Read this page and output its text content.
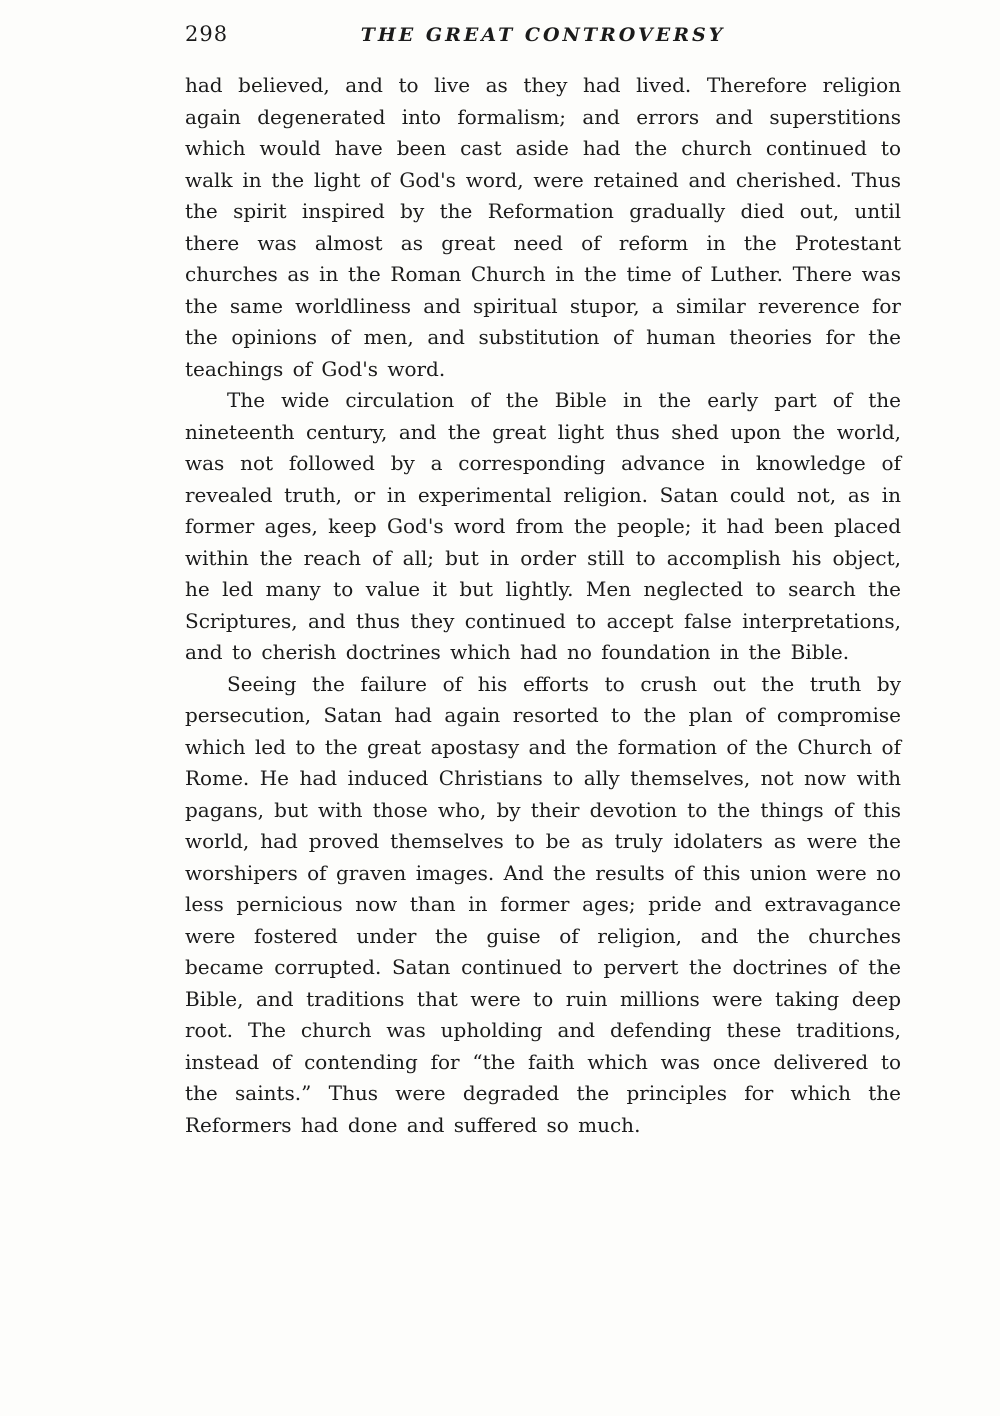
298	THE GREAT CONTROVERSY

had believed, and to live as they had lived. Therefore religion again degenerated into formalism; and errors and superstitions which would have been cast aside had the church continued to walk in the light of God's word, were retained and cherished. Thus the spirit inspired by the Reformation gradually died out, until there was almost as great need of reform in the Protestant churches as in the Roman Church in the time of Luther. There was the same worldliness and spiritual stupor, a similar reverence for the opinions of men, and substitution of human theories for the teachings of God's word.

The wide circulation of the Bible in the early part of the nineteenth century, and the great light thus shed upon the world, was not followed by a corresponding advance in knowledge of revealed truth, or in experimental religion. Satan could not, as in former ages, keep God's word from the people; it had been placed within the reach of all; but in order still to accomplish his object, he led many to value it but lightly. Men neglected to search the Scriptures, and thus they continued to accept false interpretations, and to cherish doctrines which had no foundation in the Bible.

Seeing the failure of his efforts to crush out the truth by persecution, Satan had again resorted to the plan of compromise which led to the great apostasy and the formation of the Church of Rome. He had induced Christians to ally themselves, not now with pagans, but with those who, by their devotion to the things of this world, had proved themselves to be as truly idolaters as were the worshipers of graven images. And the results of this union were no less pernicious now than in former ages; pride and extravagance were fostered under the guise of religion, and the churches became corrupted. Satan continued to pervert the doctrines of the Bible, and traditions that were to ruin millions were taking deep root. The church was upholding and defending these traditions, instead of contending for “the faith which was once delivered to the saints.” Thus were degraded the principles for which the Reformers had done and suffered so much.
